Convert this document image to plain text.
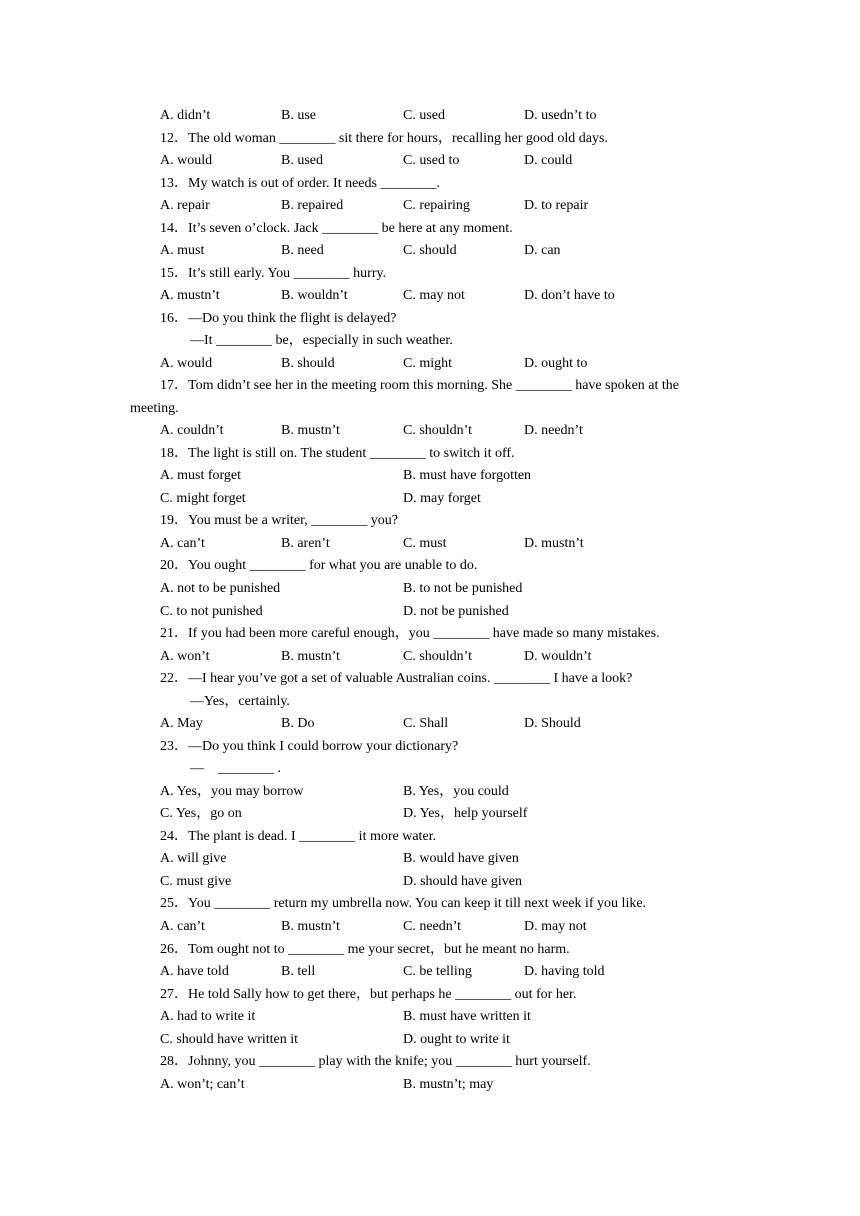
A. didn’t	B. use	C. used	D. usedn’t to
12．The old woman ________ sit there for hours，recalling her good old days.
A. would	B. used	C. used to	D. could
13．My watch is out of order. It needs ________.
A. repair	B. repaired	C. repairing	D. to repair
14．It’s seven o’clock. Jack ________ be here at any moment.
A. must	B. need	C. should	D. can
15．It’s still early. You ________ hurry.
A. mustn’t	B. wouldn’t	C. may not	D. don’t have to
16．—Do you think the flight is delayed?
—It ________ be，especially in such weather.
A. would	B. should	C. might	D. ought to
17．Tom didn’t see her in the meeting room this morning. She ________ have spoken at the
meeting.
A. couldn’t	B. mustn’t	C. shouldn’t	D. needn’t
18．The light is still on. The student ________ to switch it off.
A. must forget	B. must have forgotten
C. might forget	D. may forget
19．You must be a writer, ________ you?
A. can’t	B. aren’t	C. must	D. mustn’t
20．You ought ________ for what you are unable to do.
A. not to be punished	B. to not be punished
C. to not punished	D. not be punished
21．If you had been more careful enough，you ________ have made so many mistakes.
A. won’t	B. mustn’t	C. shouldn’t	D. wouldn’t
22．—I hear you’ve got a set of valuable Australian coins. ________ I have a look?
—Yes，certainly.
A. May	B. Do	C. Shall	D. Should
23．—Do you think I could borrow your dictionary?
—　________ .
A. Yes，you may borrow	B. Yes，you could
C. Yes，go on	D. Yes，help yourself
24．The plant is dead. I ________ it more water.
A. will give	B. would have given
C. must give	D. should have given
25．You ________ return my umbrella now. You can keep it till next week if you like.
A. can’t	B. mustn’t	C. needn’t	D. may not
26．Tom ought not to ________ me your secret，but he meant no harm.
A. have told	B. tell	C. be telling	D. having told
27．He told Sally how to get there，but perhaps he ________ out for her.
A. had to write it	B. must have written it
C. should have written it	D. ought to write it
28．Johnny, you ________ play with the knife; you ________ hurt yourself.
A. won’t; can’t	B. mustn’t; may
